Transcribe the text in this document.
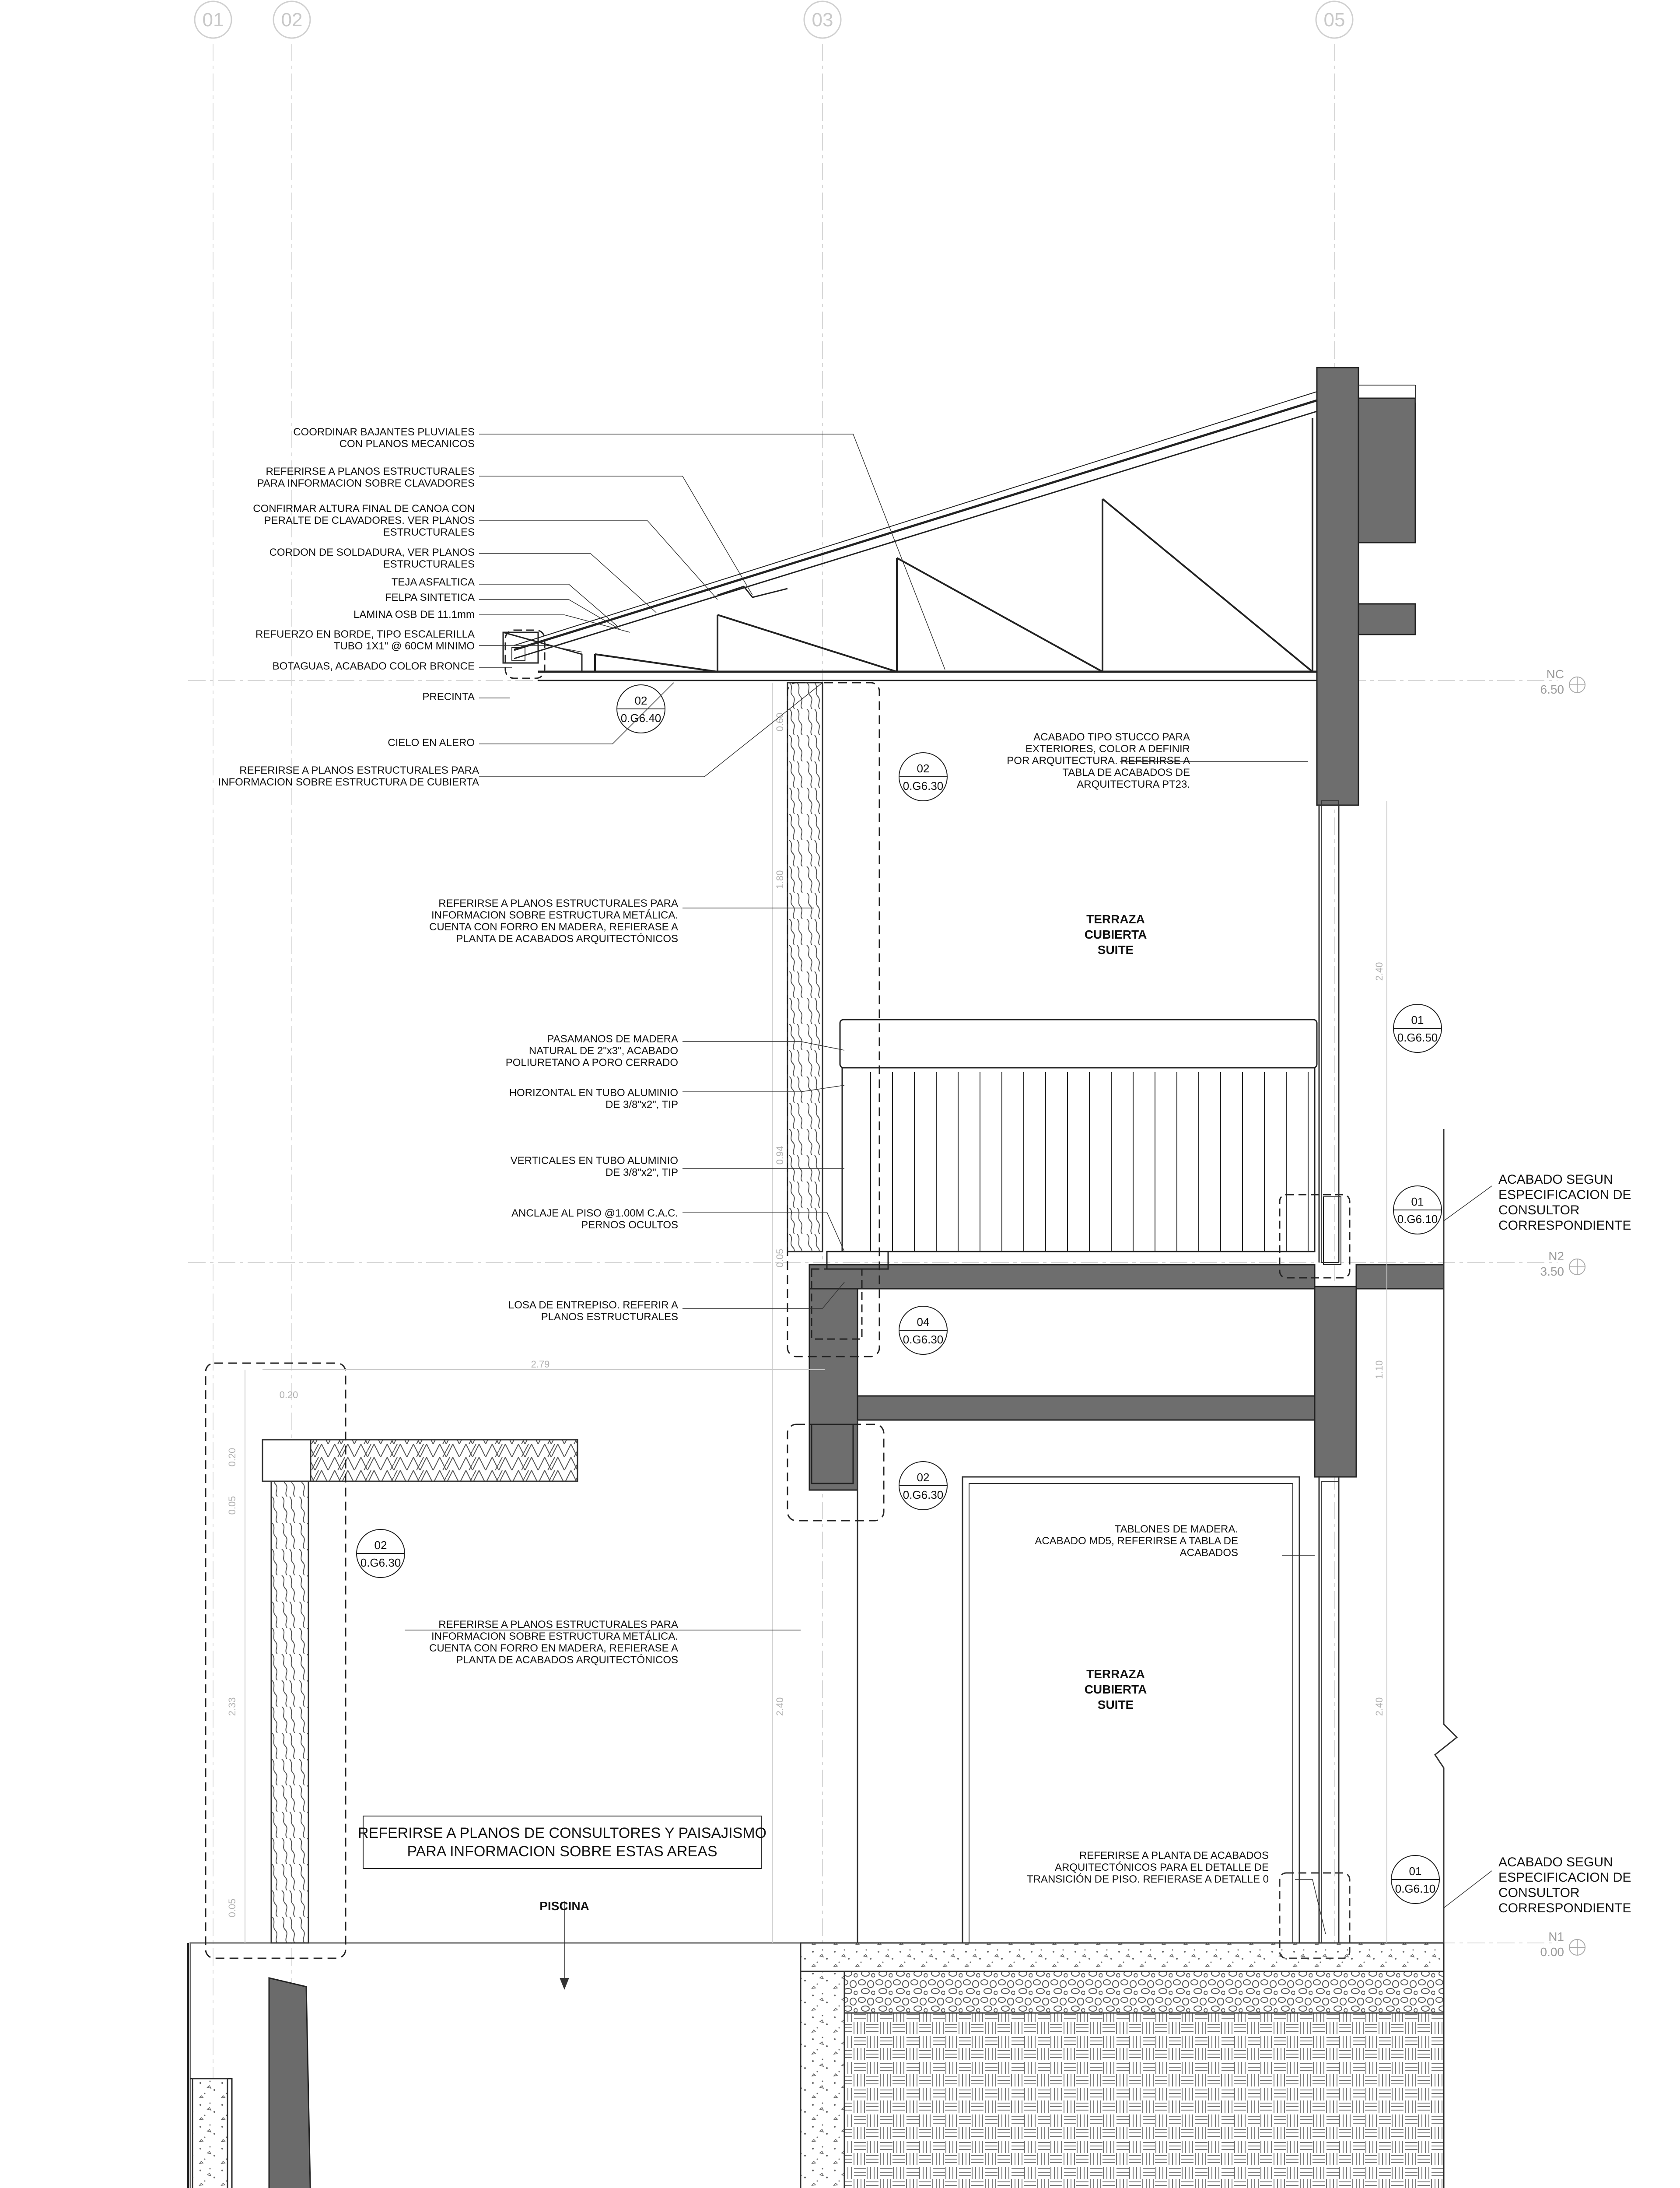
01	02	03	05
NC
6.50
N2
3.50
N1
0.00
0.60
1.80
0.94
0.05
2.40
1.10
2.40
2.79
0.20
0.20
0.05
2.33
0.05
2.40
02
0.G6.40
02
0.G6.30
01
0.G6.50
01
0.G6.10
04
0.G6.30
02
0.G6.30
02
0.G6.30
01
0.G6.10
COORDINAR BAJANTES PLUVIALES CON PLANOS MECANICOS
REFERIRSE A PLANOS ESTRUCTURALES PARA INFORMACION SOBRE CLAVADORES
CONFIRMAR ALTURA FINAL DE CANOA CON PERALTE DE CLAVADORES. VER PLANOS ESTRUCTURALES
CORDON DE SOLDADURA, VER PLANOS ESTRUCTURALES
TEJA ASFALTICA
FELPA SINTETICA
LAMINA OSB DE 11.1mm
REFUERZO EN BORDE, TIPO ESCALERILLA TUBO 1X1" @ 60CM MINIMO
BOTAGUAS, ACABADO COLOR BRONCE
PRECINTA
CIELO EN ALERO
REFERIRSE A PLANOS ESTRUCTURALES PARA INFORMACION SOBRE ESTRUCTURA DE CUBIERTA
REFERIRSE A PLANOS ESTRUCTURALES PARA INFORMACION SOBRE ESTRUCTURA METÁLICA. CUENTA CON FORRO EN MADERA, REFIERASE A PLANTA DE ACABADOS ARQUITECTÓNICOS
PASAMANOS DE MADERA NATURAL DE 2"x3", ACABADO POLIURETANO A PORO CERRADO
HORIZONTAL EN TUBO ALUMINIO DE 3/8"x2", TIP
VERTICALES EN TUBO ALUMINIO DE 3/8"x2", TIP
ANCLAJE AL PISO @1.00M C.A.C. PERNOS OCULTOS
LOSA DE ENTREPISO. REFERIR A PLANOS ESTRUCTURALES
REFERIRSE A PLANOS ESTRUCTURALES PARA INFORMACION SOBRE ESTRUCTURA METÁLICA. CUENTA CON FORRO EN MADERA, REFIERASE A PLANTA DE ACABADOS ARQUITECTÓNICOS
ACABADO TIPO STUCCO PARA EXTERIORES, COLOR A DEFINIR POR ARQUITECTURA. REFERIRSE A TABLA DE ACABADOS DE ARQUITECTURA PT23.
TABLONES DE MADERA. ACABADO MD5, REFERIRSE A TABLA DE ACABADOS
REFERIRSE A PLANTA DE ACABADOS ARQUITECTÓNICOS PARA EL DETALLE DE TRANSICIÓN DE PISO. REFIERASE A DETALLE 0
ACABADO SEGUN ESPECIFICACION DE CONSULTOR CORRESPONDIENTE
ACABADO SEGUN ESPECIFICACION DE CONSULTOR CORRESPONDIENTE
TERRAZA CUBIERTA SUITE
TERRAZA CUBIERTA SUITE
PISCINA
REFERIRSE A PLANOS DE CONSULTORES Y PAISAJISMO PARA INFORMACION SOBRE ESTAS AREAS
